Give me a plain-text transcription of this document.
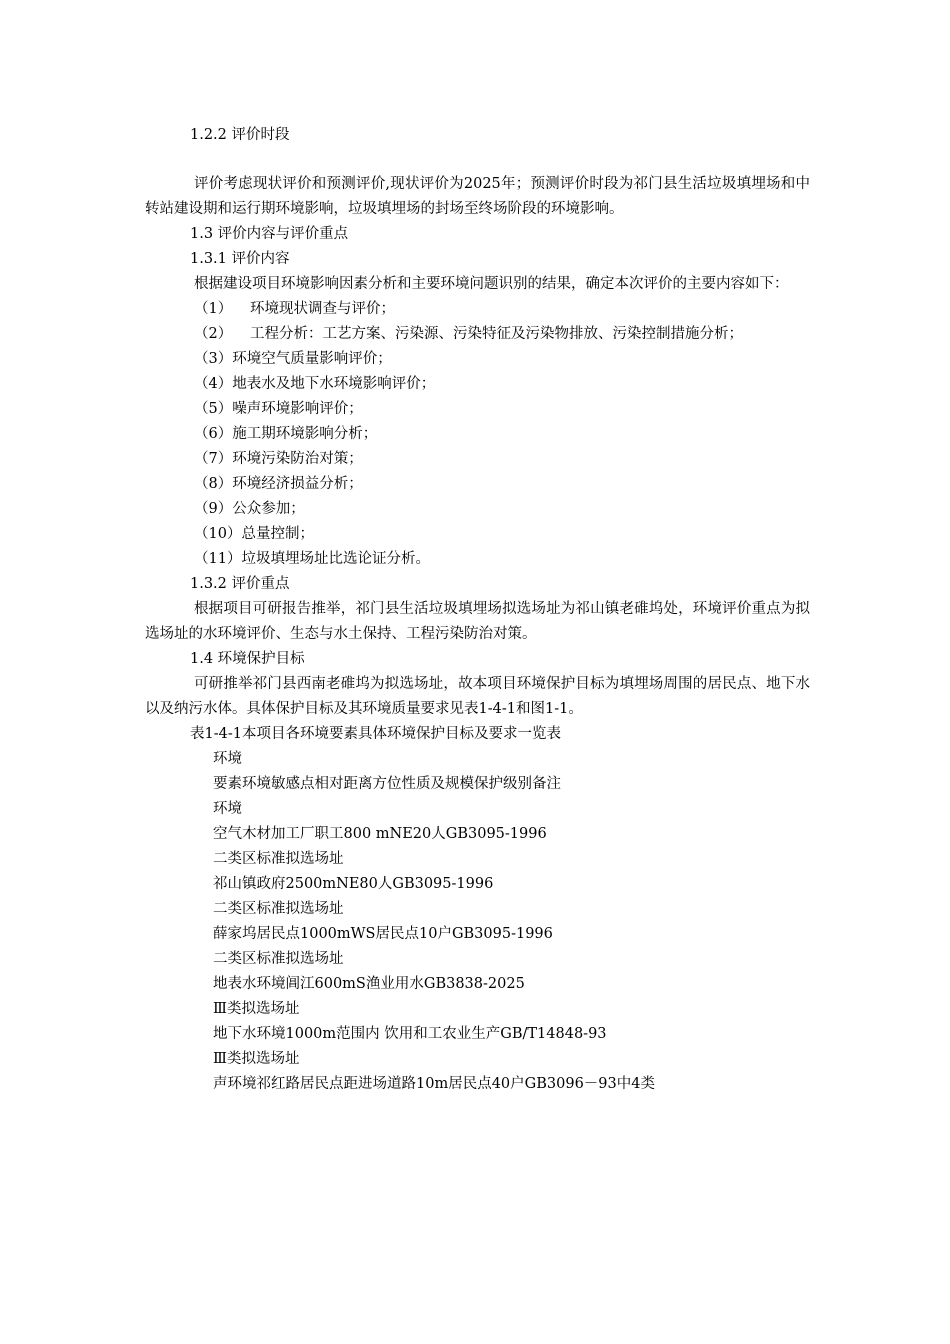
1.2.2 评价时段
评价考虑现状评价和预测评价,现状评价为2025年；预测评价时段为祁门县生活垃圾填埋场和中转站建设期和运行期环境影响，垃圾填埋场的封场至终场阶段的环境影响。
1.3 评价内容与评价重点
1.3.1 评价内容
根据建设项目环境影响因素分析和主要环境问题识别的结果，确定本次评价的主要内容如下：
（1） 环境现状调查与评价；
（2） 工程分析：工艺方案、污染源、污染特征及污染物排放、污染控制措施分析；
（3）环境空气质量影响评价；
（4）地表水及地下水环境影响评价；
（5）噪声环境影响评价；
（6）施工期环境影响分析；
（7）环境污染防治对策；
（8）环境经济损益分析；
（9）公众参加；
（10）总量控制；
（11）垃圾填埋场址比选论证分析。
1.3.2 评价重点
根据项目可研报告推举，祁门县生活垃圾填埋场拟选场址为祁山镇老碓坞处，环境评价重点为拟选场址的水环境评价、生态与水土保持、工程污染防治对策。
1.4 环境保护目标
可研推举祁门县西南老碓坞为拟选场址，故本项目环境保护目标为填埋场周围的居民点、地下水以及纳污水体。具体保护目标及其环境质量要求见表1-4-1和图1-1。
表1-4-1本项目各环境要素具体环境保护目标及要求一览表
环境
要素环境敏感点相对距离方位性质及规模保护级别备注
环境
空气木材加工厂职工800 mNE20人GB3095-1996
二类区标准拟选场址
祁山镇政府2500mNE80人GB3095-1996
二类区标准拟选场址
薛家坞居民点1000mWS居民点10户GB3095-1996
二类区标准拟选场址
地表水环境阊江600mS渔业用水GB3838-2025
Ⅲ类拟选场址
地下水环境1000m范围内 饮用和工农业生产GB/T14848-93
Ⅲ类拟选场址
声环境祁红路居民点距进场道路10m居民点40户GB3096－93中4类
